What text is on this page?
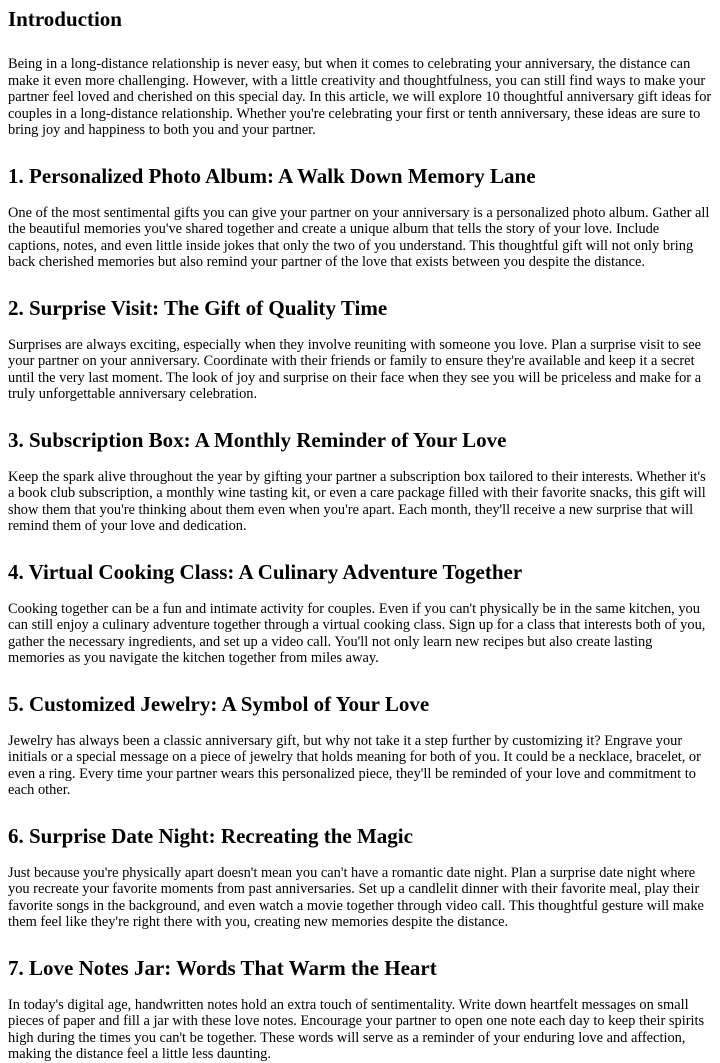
Introduction

Being in a long-distance relationship is never easy, but when it comes to celebrating your anniversary, the distance can make it even more challenging. However, with a little creativity and thoughtfulness, you can still find ways to make your partner feel loved and cherished on this special day. In this article, we will explore 10 thoughtful anniversary gift ideas for couples in a long-distance relationship. Whether you're celebrating your first or tenth anniversary, these ideas are sure to bring joy and happiness to both you and your partner.

1. Personalized Photo Album: A Walk Down Memory Lane

One of the most sentimental gifts you can give your partner on your anniversary is a personalized photo album. Gather all the beautiful memories you've shared together and create a unique album that tells the story of your love. Include captions, notes, and even little inside jokes that only the two of you understand. This thoughtful gift will not only bring back cherished memories but also remind your partner of the love that exists between you despite the distance.

2. Surprise Visit: The Gift of Quality Time

Surprises are always exciting, especially when they involve reuniting with someone you love. Plan a surprise visit to see your partner on your anniversary. Coordinate with their friends or family to ensure they're available and keep it a secret until the very last moment. The look of joy and surprise on their face when they see you will be priceless and make for a truly unforgettable anniversary celebration.

3. Subscription Box: A Monthly Reminder of Your Love

Keep the spark alive throughout the year by gifting your partner a subscription box tailored to their interests. Whether it's a book club subscription, a monthly wine tasting kit, or even a care package filled with their favorite snacks, this gift will show them that you're thinking about them even when you're apart. Each month, they'll receive a new surprise that will remind them of your love and dedication.

4. Virtual Cooking Class: A Culinary Adventure Together

Cooking together can be a fun and intimate activity for couples. Even if you can't physically be in the same kitchen, you can still enjoy a culinary adventure together through a virtual cooking class. Sign up for a class that interests both of you, gather the necessary ingredients, and set up a video call. You'll not only learn new recipes but also create lasting memories as you navigate the kitchen together from miles away.

5. Customized Jewelry: A Symbol of Your Love

Jewelry has always been a classic anniversary gift, but why not take it a step further by customizing it? Engrave your initials or a special message on a piece of jewelry that holds meaning for both of you. It could be a necklace, bracelet, or even a ring. Every time your partner wears this personalized piece, they'll be reminded of your love and commitment to each other.

6. Surprise Date Night: Recreating the Magic

Just because you're physically apart doesn't mean you can't have a romantic date night. Plan a surprise date night where you recreate your favorite moments from past anniversaries. Set up a candlelit dinner with their favorite meal, play their favorite songs in the background, and even watch a movie together through video call. This thoughtful gesture will make them feel like they're right there with you, creating new memories despite the distance.

7. Love Notes Jar: Words That Warm the Heart

In today's digital age, handwritten notes hold an extra touch of sentimentality. Write down heartfelt messages on small pieces of paper and fill a jar with these love notes. Encourage your partner to open one note each day to keep their spirits high during the times you can't be together. These words will serve as a reminder of your enduring love and affection, making the distance feel a little less daunting.
